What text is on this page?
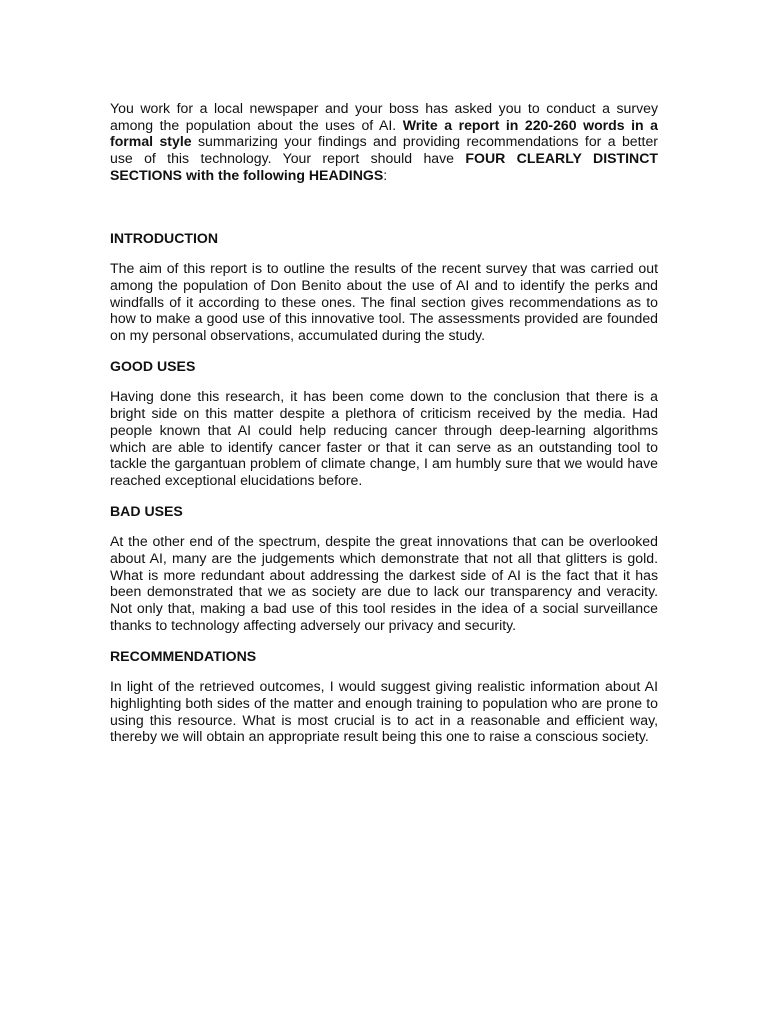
You work for a local newspaper and your boss has asked you to conduct a survey among the population about the uses of AI. Write a report in 220-260 words in a formal style summarizing your findings and providing recommendations for a better use of this technology. Your report should have FOUR CLEARLY DISTINCT SECTIONS with the following HEADINGS:

INTRODUCTION

The aim of this report is to outline the results of the recent survey that was carried out among the population of Don Benito about the use of AI and to identify the perks and windfalls of it according to these ones. The final section gives recommendations as to how to make a good use of this innovative tool. The assessments provided are founded on my personal observations, accumulated during the study.

GOOD USES

Having done this research, it has been come down to the conclusion that there is a bright side on this matter despite a plethora of criticism received by the media. Had people known that AI could help reducing cancer through deep-learning algorithms which are able to identify cancer faster or that it can serve as an outstanding tool to tackle the gargantuan problem of climate change, I am humbly sure that we would have reached exceptional elucidations before.

BAD USES

At the other end of the spectrum, despite the great innovations that can be overlooked about AI, many are the judgements which demonstrate that not all that glitters is gold. What is more redundant about addressing the darkest side of AI is the fact that it has been demonstrated that we as society are due to lack our transparency and veracity. Not only that, making a bad use of this tool resides in the idea of a social surveillance thanks to technology affecting adversely our privacy and security.

RECOMMENDATIONS

In light of the retrieved outcomes, I would suggest giving realistic information about AI highlighting both sides of the matter and enough training to population who are prone to using this resource. What is most crucial is to act in a reasonable and efficient way, thereby we will obtain an appropriate result being this one to raise a conscious society.
